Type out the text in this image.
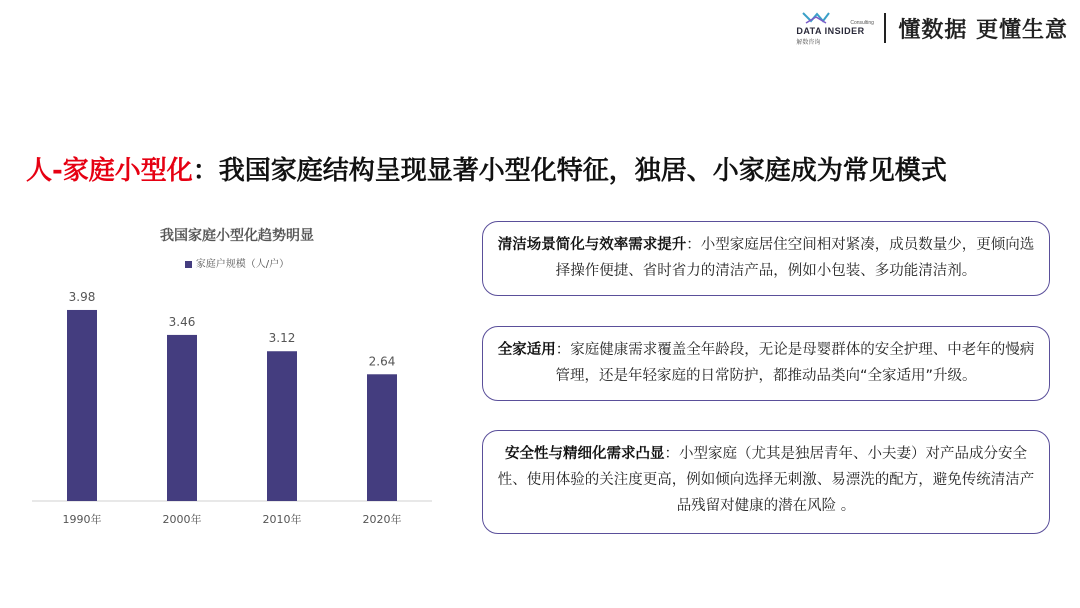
Consulting
DATA INSIDER
解数咨询	懂数据 更懂生意
人-家庭小型化：我国家庭结构呈现显著小型化特征，独居、小家庭成为常见模式
我国家庭小型化趋势明显
家庭户规模（人/户）
3.98
1990年
3.46
2000年
3.12
2010年
2.64
2020年
清洁场景简化与效率需求提升：小型家庭居住空间相对紧凑，成员数量少，更倾向选择操作便捷、省时省力的清洁产品，例如小包装、多功能清洁剂。
全家适用：家庭健康需求覆盖全年龄段，无论是母婴群体的安全护理、中老年的慢病管理，还是年轻家庭的日常防护，都推动品类向“全家适用”升级。
安全性与精细化需求凸显：小型家庭（尤其是独居青年、小夫妻）对产品成分安全性、使用体验的关注度更高，例如倾向选择无刺激、易漂洗的配方，避免传统清洁产品残留对健康的潜在风险 。
